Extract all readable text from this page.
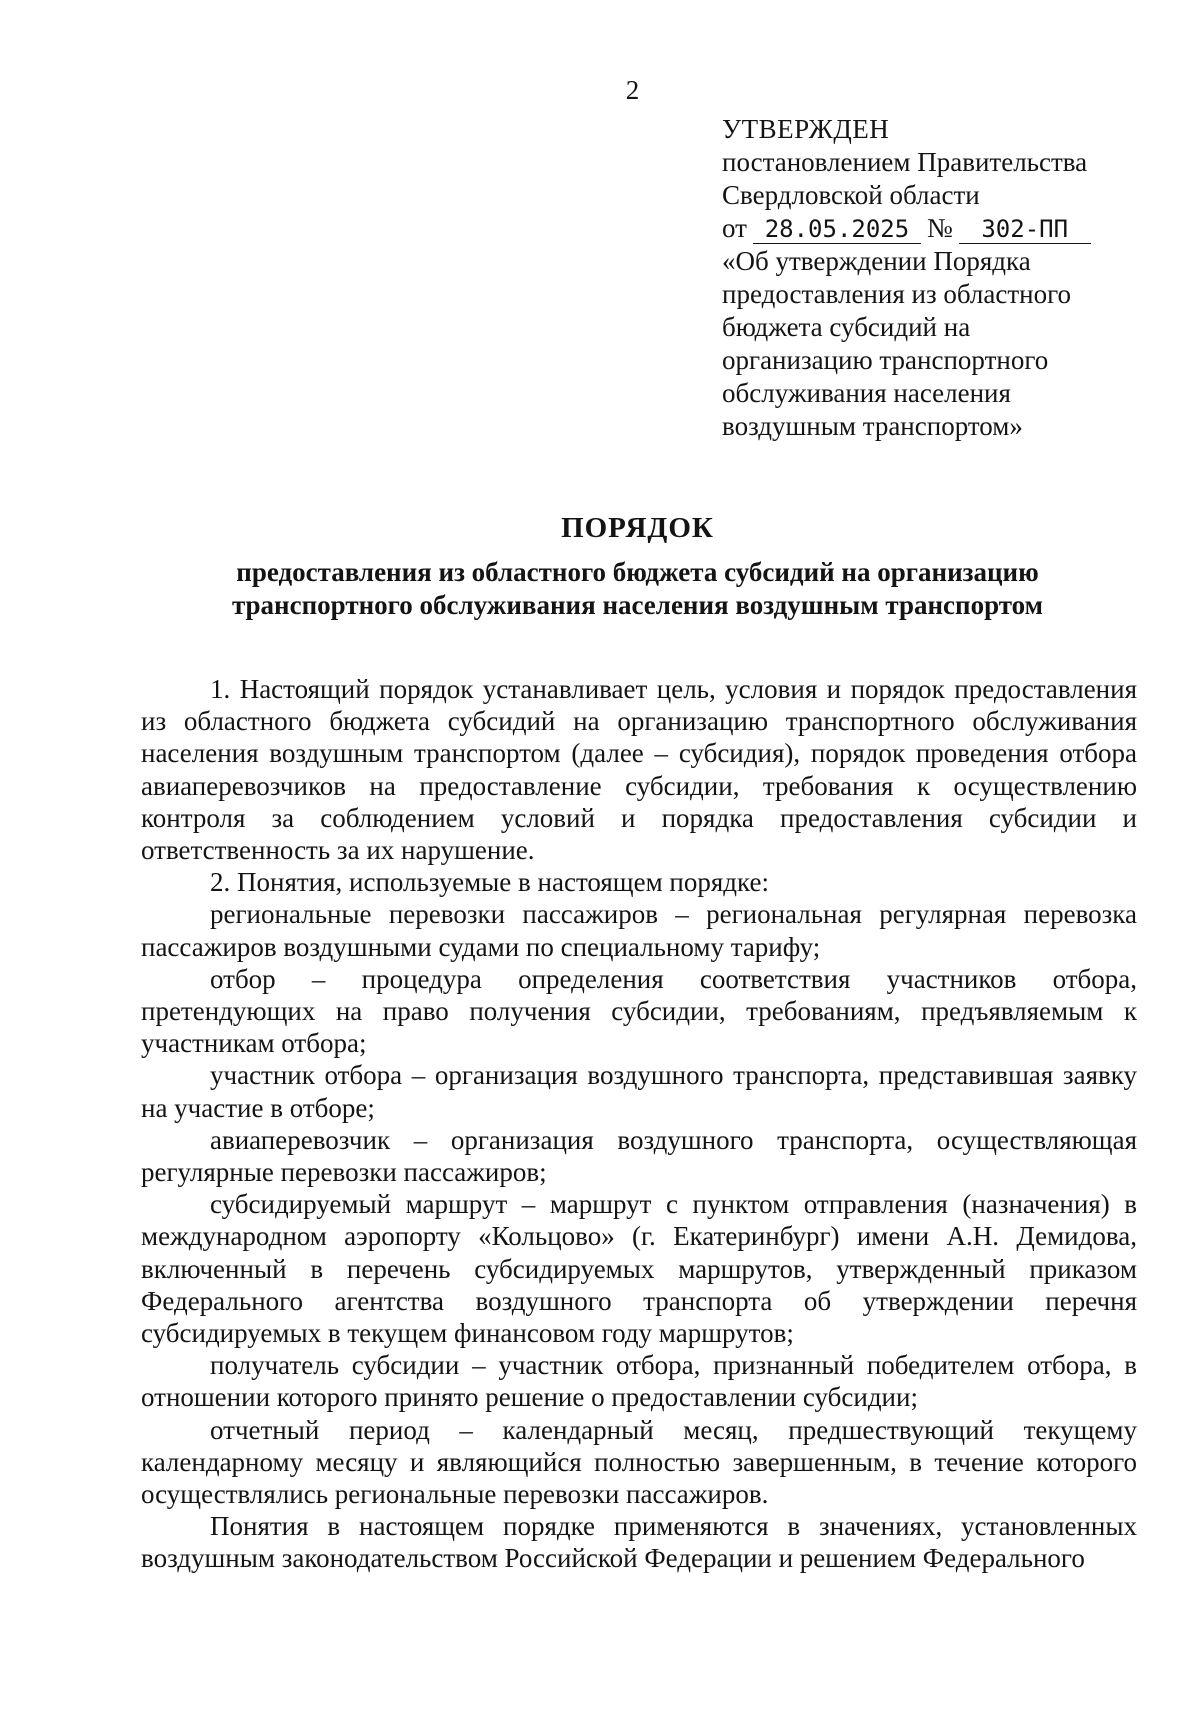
2
УТВЕРЖДЕН
постановлением Правительства
Свердловской области
от 28.05.2025 № 302-ПП
«Об утверждении Порядка
предоставления из областного
бюджета субсидий на
организацию транспортного
обслуживания населения
воздушным транспортом»
ПОРЯДОК
предоставления из областного бюджета субсидий на организацию
транспортного обслуживания населения воздушным транспортом

1. Настоящий порядок устанавливает цель, условия и порядок предоставления из областного бюджета субсидий на организацию транспортного обслуживания населения воздушным транспортом (далее – субсидия), порядок проведения отбора авиаперевозчиков на предоставление субсидии, требования к осуществлению контроля за соблюдением условий и порядка предоставления субсидии и ответственность за их нарушение.

2. Понятия, используемые в настоящем порядке:

региональные перевозки пассажиров – региональная регулярная перевозка пассажиров воздушными судами по специальному тарифу;

отбор – процедура определения соответствия участников отбора, претендующих на право получения субсидии, требованиям, предъявляемым к участникам отбора;

участник отбора – организация воздушного транспорта, представившая заявку на участие в отборе;

авиаперевозчик – организация воздушного транспорта, осуществляющая регулярные перевозки пассажиров;

субсидируемый маршрут – маршрут с пунктом отправления (назначения) в международном аэропорту «Кольцово» (г. Екатеринбург) имени А.Н. Демидова, включенный в перечень субсидируемых маршрутов, утвержденный приказом Федерального агентства воздушного транспорта об утверждении перечня субсидируемых в текущем финансовом году маршрутов;

получатель субсидии – участник отбора, признанный победителем отбора, в отношении которого принято решение о предоставлении субсидии;

отчетный период – календарный месяц, предшествующий текущему календарному месяцу и являющийся полностью завершенным, в течение которого осуществлялись региональные перевозки пассажиров.

Понятия в настоящем порядке применяются в значениях, установленных воздушным законодательством Российской Федерации и решением Федерального
